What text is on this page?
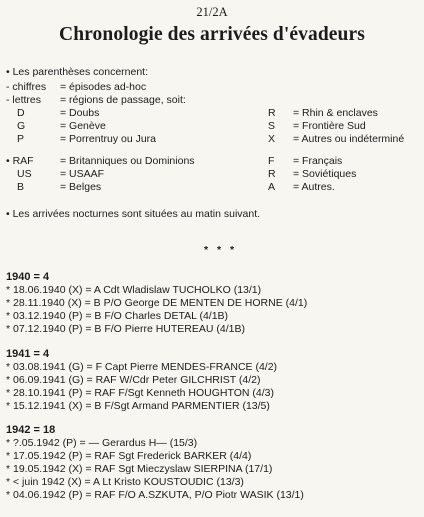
21/2A
Chronologie des arrivées d'évadeurs
• Les parenthèses concernent:
- chiffres = épisodes ad-hoc
- lettres = régions de passage, soit:
D	= Doubs	R = Rhin & enclaves
G	= Genève	S = Frontière Sud
P	= Porrentruy ou Jura	X = Autres ou indéterminé
• RAF	= Britanniques ou Dominions	F = Français
US	= USAAF	R = Soviétiques
B	= Belges	A = Autres.
• Les arrivées nocturnes sont situées au matin suivant.
* * *
1940 = 4
* 18.06.1940 (X) = A Cdt Wladislaw TUCHOLKO (13/1)
* 28.11.1940 (X) = B P/O George DE MENTEN DE HORNE (4/1)
* 03.12.1940 (P) = B F/O Charles DETAL (4/1B)
* 07.12.1940 (P) = B F/O Pierre HUTEREAU (4/1B)
1941 = 4
* 03.08.1941 (G) = F Capt Pierre MENDES-FRANCE (4/2)
* 06.09.1941 (G) = RAF W/Cdr Peter GILCHRIST (4/2)
* 28.10.1941 (P) = RAF F/Sgt Kenneth HOUGHTON (4/3)
* 15.12.1941 (X) = B F/Sgt Armand PARMENTIER (13/5)
1942 = 18
* ?.05.1942 (P) = — Gerardus H— (15/3)
* 17.05.1942 (P) = RAF Sgt Frederick BARKER (4/4)
* 19.05.1942 (X) = RAF Sgt Mieczyslaw SIERPINA (17/1)
* < juin 1942 (X) = A Lt Kristo KOUSTOUDIC (13/3)
* 04.06.1942 (P) = RAF F/O A.SZKUTA, P/O Piotr WASIK (13/1)
